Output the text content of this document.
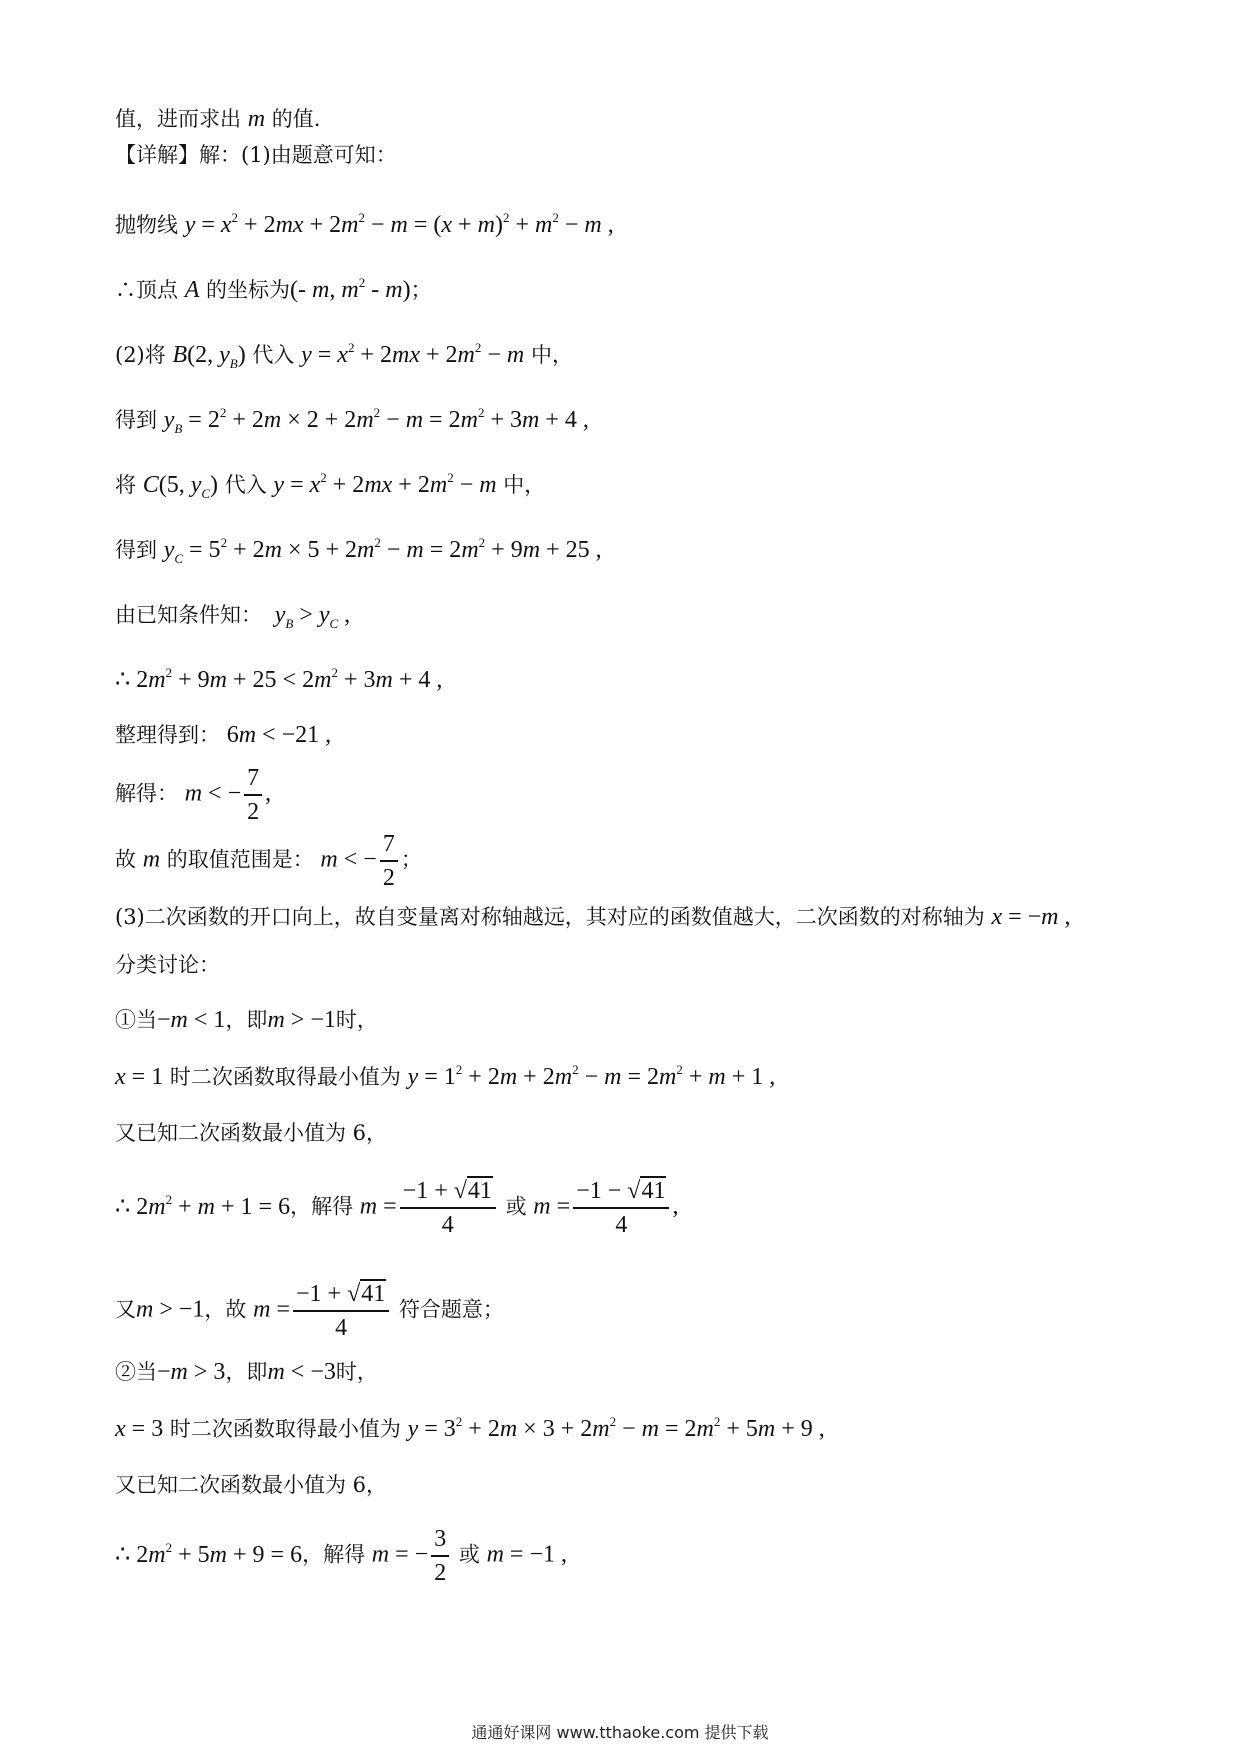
值，进而求出 m 的值.
【详解】解：(1)由题意可知：
抛物线 $y = x^2 + 2mx + 2m^2 - m = (x + m)^2 + m^2 - m$ ,
∴顶点 A 的坐标为(- m, $m^2 - m$)；
(2)将 B(2, $y_B$) 代入 $y = x^2 + 2mx + 2m^2 - m$ 中，
得到 $y_B = 2^2 + 2m \times 2 + 2m^2 - m = 2m^2 + 3m + 4$ ,
将 C(5, $y_C$) 代入 $y = x^2 + 2mx + 2m^2 - m$ 中，
得到 $y_C = 5^2 + 2m \times 5 + 2m^2 - m = 2m^2 + 9m + 25$ ,
由已知条件知： $y_B > y_C$ ,
∴ $2m^2 + 9m + 25 < 2m^2 + 3m + 4$ ,
整理得到： 6m < −21 ,
解得： m < − $\frac{7}{2}$ ,
故 m 的取值范围是： m < − $\frac{7}{2}$ ；
(3)二次函数的开口向上，故自变量离对称轴越远，其对应的函数值越大，二次函数的对称轴为 x = −m ,
分类讨论：
①当−m < 1，即m > −1时，
x = 1 时二次函数取得最小值为 $y = 1^2 + 2m + 2m^2 - m = 2m^2 + m + 1$ ,
又已知二次函数最小值为 6，
∴ $2m^2 + m + 1 = 6$，解得 $m = \frac{-1 + √41}{4}$ 或 $m = \frac{-1 - √41}{4}$ ,
又m > −1，故 $m = \frac{-1 + √41}{4}$ 符合题意；
②当−m > 3，即m < −3时，
x = 3 时二次函数取得最小值为 $y = 3^2 + 2m \times 3 + 2m^2 - m = 2m^2 + 5m + 9$ ,
又已知二次函数最小值为 6，
∴ $2m^2 + 5m + 9 = 6$，解得 m = − $\frac{3}{2}$ 或 m = −1 ,
通通好课网 www.tthaoke.com 提供下载
